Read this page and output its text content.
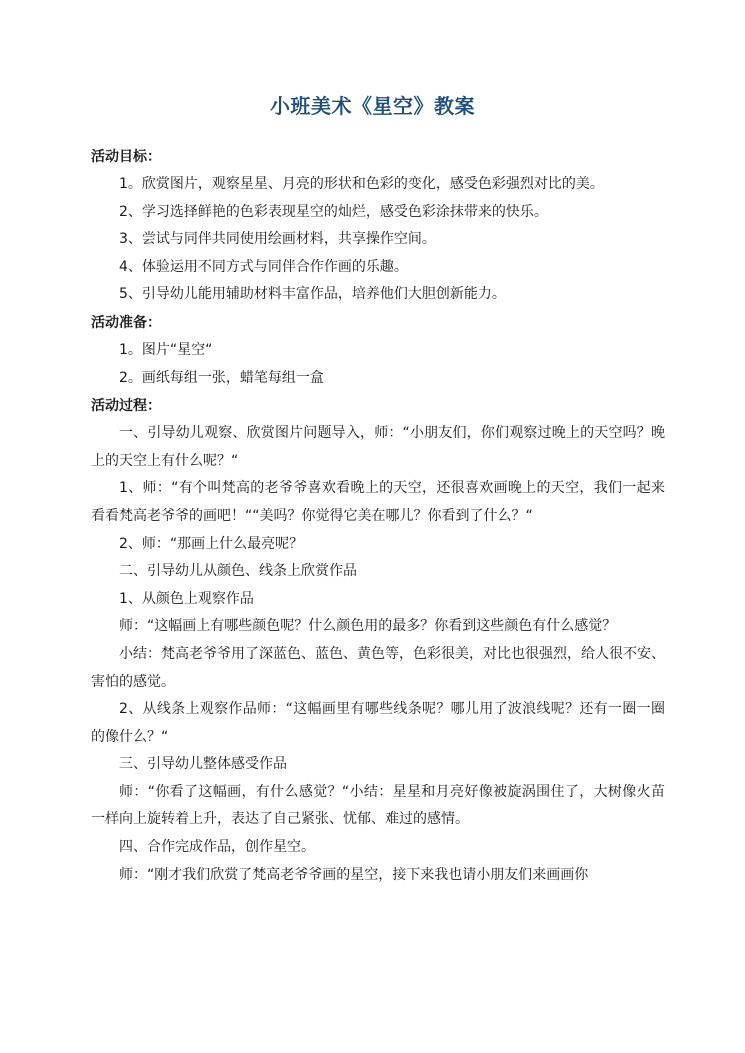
小班美术《星空》教案

活动目标：

1。欣赏图片，观察星星、月亮的形状和色彩的变化，感受色彩强烈对比的美。

2、学习选择鲜艳的色彩表现星空的灿烂，感受色彩涂抹带来的快乐。

3、尝试与同伴共同使用绘画材料，共享操作空间。

4、体验运用不同方式与同伴合作作画的乐趣。

5、引导幼儿能用辅助材料丰富作品，培养他们大胆创新能力。

活动准备：

1。图片“星空“

2。画纸每组一张，蜡笔每组一盒

活动过程：

一、引导幼儿观察、欣赏图片问题导入，师：“小朋友们，你们观察过晚上的天空吗？晚上的天空上有什么呢？“

1、师：“有个叫梵高的老爷爷喜欢看晚上的天空，还很喜欢画晚上的天空，我们一起来看看梵高老爷爷的画吧！““美吗？你觉得它美在哪儿？你看到了什么？“

2、师：“那画上什么最亮呢？

二、引导幼儿从颜色、线条上欣赏作品

1、从颜色上观察作品

师：“这幅画上有哪些颜色呢？什么颜色用的最多？你看到这些颜色有什么感觉？

小结：梵高老爷爷用了深蓝色、蓝色、黄色等，色彩很美，对比也很强烈，给人很不安、害怕的感觉。

2、从线条上观察作品师：“这幅画里有哪些线条呢？哪儿用了波浪线呢？还有一圈一圈的像什么？“

三、引导幼儿整体感受作品

师：“你看了这幅画，有什么感觉？“小结：星星和月亮好像被旋涡围住了，大树像火苗一样向上旋转着上升，表达了自己紧张、忧郁、难过的感情。

四、合作完成作品，创作星空。

师：“刚才我们欣赏了梵高老爷爷画的星空，接下来我也请小朋友们来画画你
